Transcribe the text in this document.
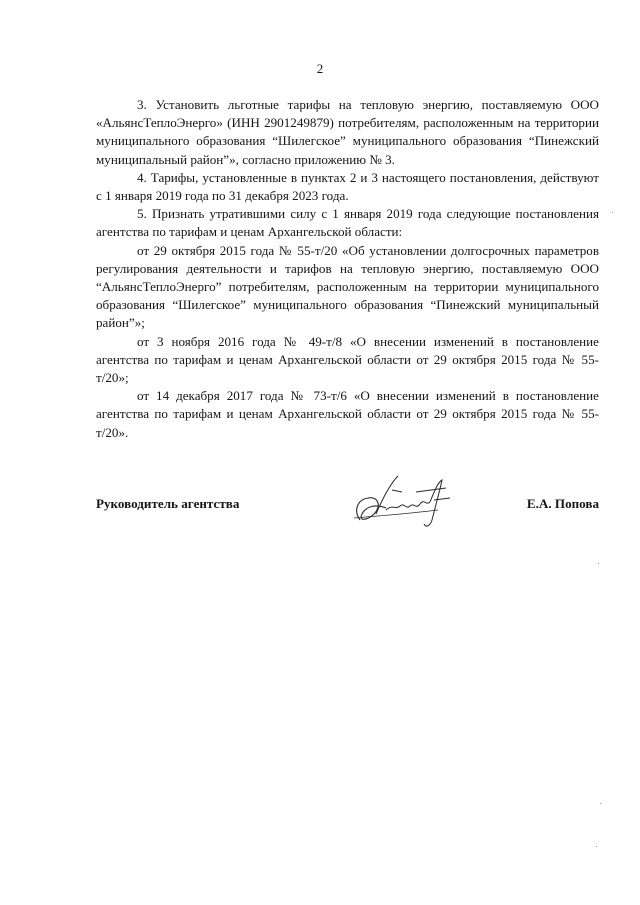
2

3. Установить льготные тарифы на тепловую энергию, поставляемую ООО «АльянсТеплоЭнерго» (ИНН 2901249879) потребителям, расположенным на территории муниципального образования “Шилегское” муниципального образования “Пинежский муниципальный район”», согласно приложению № 3.

4. Тарифы, установленные в пунктах 2 и 3 настоящего постановления, действуют с 1 января 2019 года по 31 декабря 2023 года.

5. Признать утратившими силу с 1 января 2019 года следующие постановления агентства по тарифам и ценам Архангельской области:

от 29 октября 2015 года № 55-т/20 «Об установлении долгосрочных параметров регулирования деятельности и тарифов на тепловую энергию, поставляемую ООО “АльянсТеплоЭнерго” потребителям, расположенным на территории муниципального образования “Шилегское” муниципального образования “Пинежский муниципальный район”»;

от 3 ноября 2016 года № 49-т/8 «О внесении изменений в постановление агентства по тарифам и ценам Архангельской области от 29 октября 2015 года № 55-т/20»;

от 14 декабря 2017 года № 73-т/6 «О внесении изменений в постановление агентства по тарифам и ценам Архангельской области от 29 октября 2015 года № 55-т/20».

Руководитель агентства	Е.А. Попова
